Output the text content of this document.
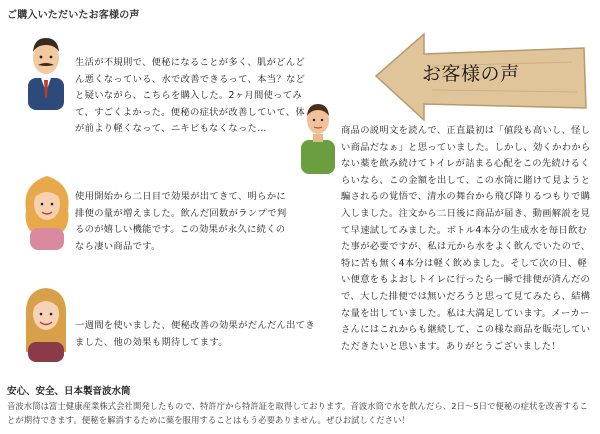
ご購入いただいたお客様の声
生活が不規則で、便秘になることが多く、肌がどんどん悪くなっている、水で改善できるって、本当？などと疑いながら、こちらを購入した。2ヶ月間使ってみて、すごくよかった。便秘の症状が改善していて、体が前より軽くなって、ニキビもなくなった…
お客様の声
商品の説明文を読んで、正直最初は「値段も高いし、怪しい商品だなぁ」と思っていました。しかし、効くかわからない薬を飲み続けてトイレが詰まる心配をこの先続けるくらいなら、この金額を出して、この水筒に賭けて見ようと騙されるの覚悟で、清水の舞台から飛び降りるつもりで購入しました。注文から二日後に商品が届き、動画解説を見て早速試してみました。ボトル4本分の生成水を毎日飲むた事が必要ですが、私は元から水をよく飲んでいたので、特に苦も無く4本分は軽く飲めました。そして次の日、軽い便意をもよおしトイレに行ったら一瞬で排便が済んだので、大した排便では無いだろうと思って見てみたら、結構な量を出していました。私は大満足しています。メーカーさんにはこれからも継続して、この様な商品を販売していただきたいと思います。ありがとうございました！
使用開始から二日目で効果が出てきて、明らかに排便の量が増えました。飲んだ回数がランプで判るのが嬉しい機能です。この効果が永久に続くのなら凄い商品です。
一週間を使いました、便秘改善の効果がだんだん出てきました、他の効果も期待してます。
安心、安全、日本製音波水筒
音波水筒は富士健康産業株式会社開発したもので、特許庁から特許証を取得しております。音波水筒で水を飲んだら、2日～5日で便秘の症状を改善することが期待できます。便秘を解消するために薬を服用することはもう必要ありません。ぜひお試しください！
